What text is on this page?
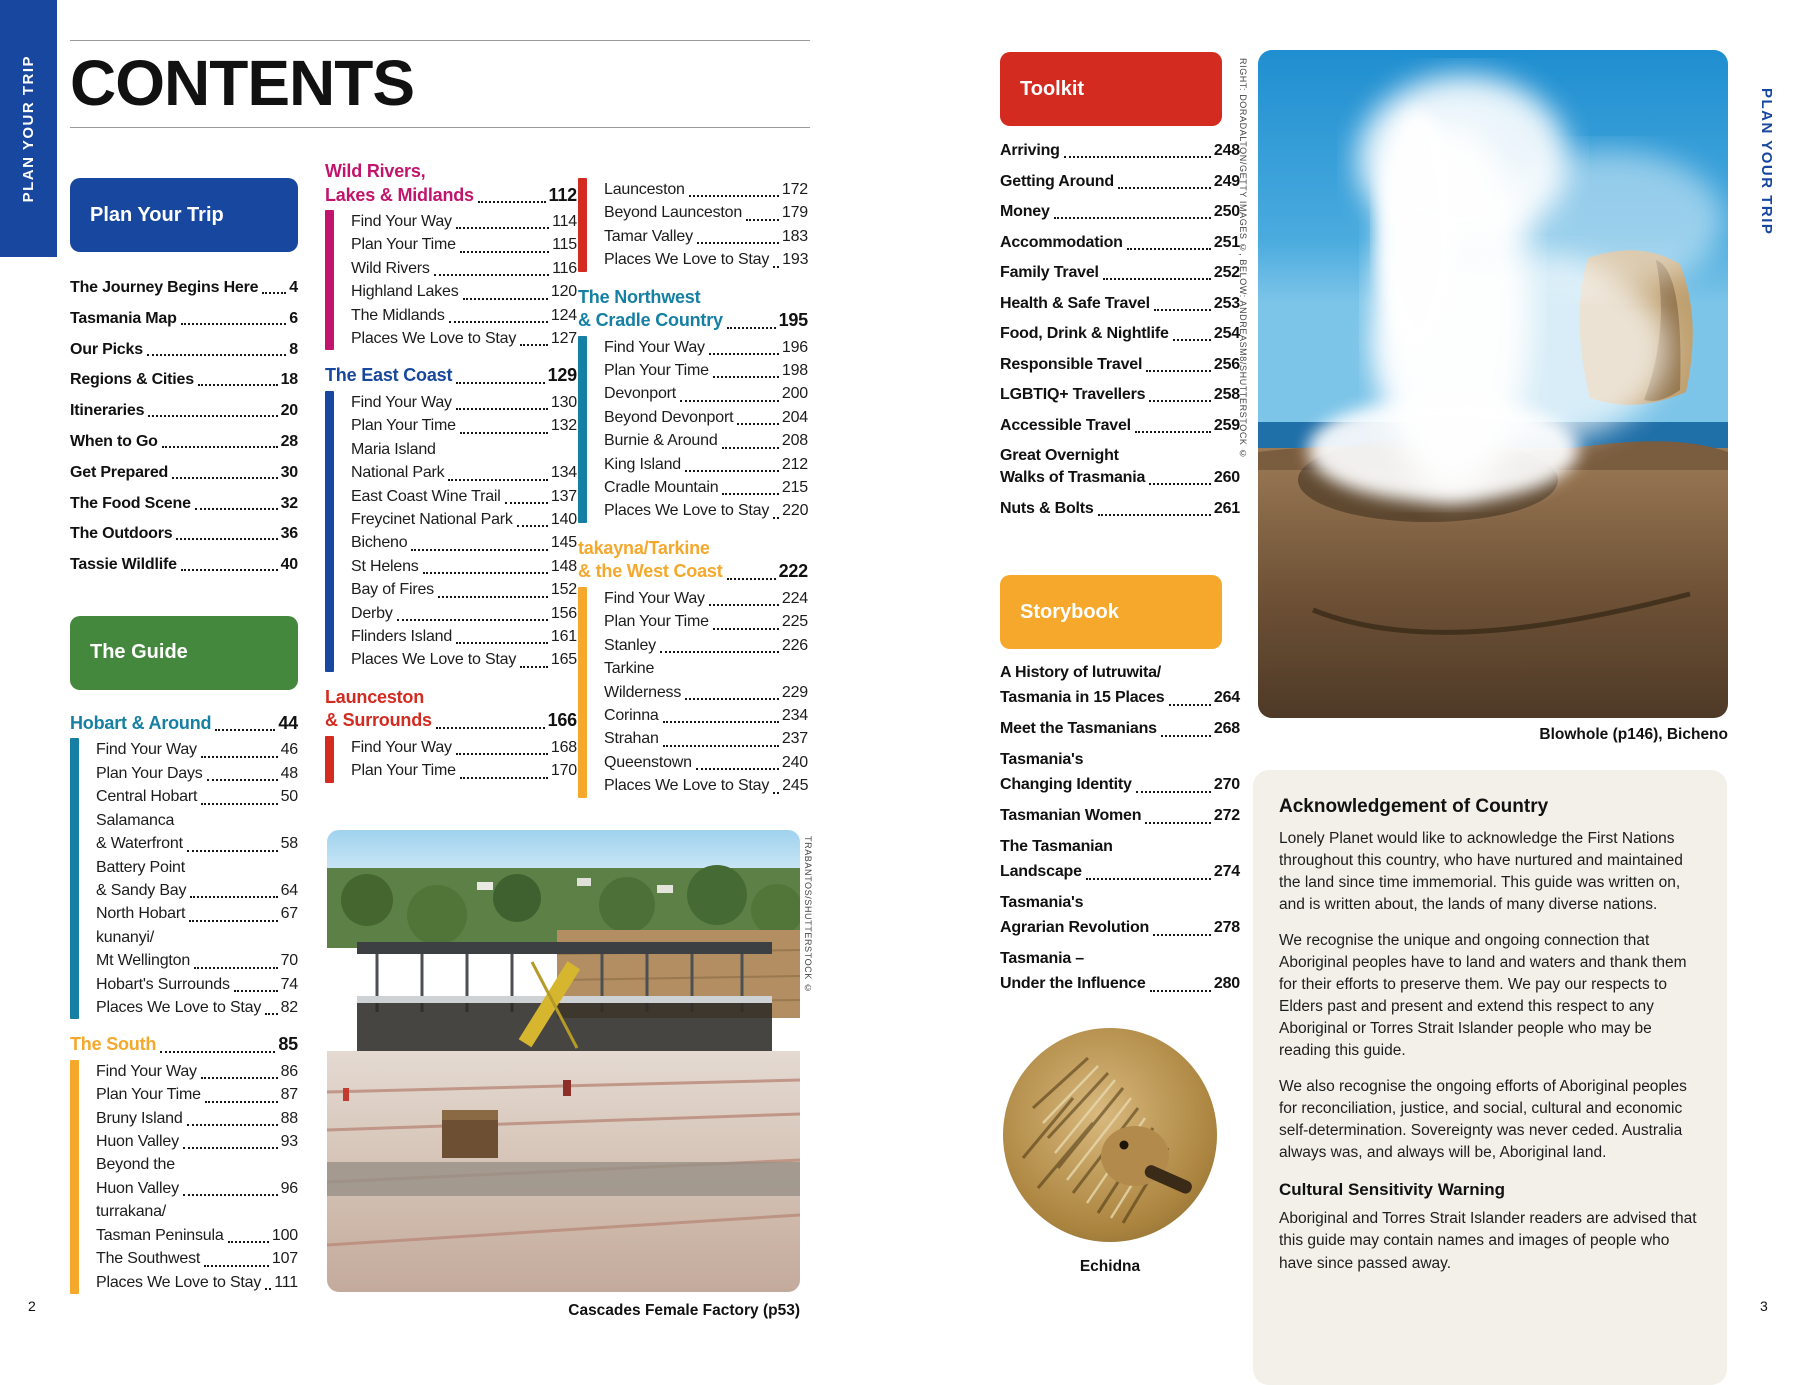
PLAN YOUR TRIP CONTENTS
Plan Your Trip
The Journey Begins Here 4
Tasmania Map	6
Our Picks	8
Regions & Cities	18
Itineraries	20
When to Go	28
Get Prepared	30
The Food Scene	32
The Outdoors	36
Tassie Wildlife	40
The Guide
Hobart & Around	44
Find Your Way	46
Plan Your Days	48
Central Hobart	50
Salamanca
& Waterfront	58
Battery Point
& Sandy Bay	64
North Hobart	67
kunanyi/
Mt Wellington	70
Hobart's Surrounds	74
Places We Love to Stay 82
The South	85
Find Your Way	86
Plan Your Time	87
Bruny Island	88
Huon Valley	93
Beyond the
Huon Valley	96
turrakana/
Tasman Peninsula	100
The Southwest	107
Places We Love to Stay 111
Wild Rivers,
Lakes & Midlands	112
Find Your Way	114
Plan Your Time	115
Wild Rivers	116
Highland Lakes	120
The Midlands	124
Places We Love to Stay 127
The East Coast	129
Find Your Way	130
Plan Your Time	132
Maria Island
National Park	134
East Coast Wine Trail	137
Freycinet National Park 140
Bicheno	145
St Helens	148
Bay of Fires	152
Derby	156
Flinders Island	161
Places We Love to Stay 165
Launceston
& Surrounds	166
Find Your Way	168
Plan Your Time	170
Launceston	172
Beyond Launceston 179
Tamar Valley	183
Places We Love to Stay 193
The Northwest
& Cradle Country	195
Find Your Way	196
Plan Your Time	198
Devonport	200
Beyond Devonport	204
Burnie & Around	208
King Island	212
Cradle Mountain	215
Places We Love to Stay 220
takayna/Tarkine
& the West Coast	222
Find Your Way	224
Plan Your Time	225
Stanley	226
Tarkine
Wilderness	229
Corinna	234
Strahan	237
Queenstown	240
Places We Love to Stay 245
Cascades Female Factory (p53)
TRABANTOS/SHUTTERSTOCK ©
Toolkit
Arriving	248
Getting Around	249
Money	250
Accommodation	251
Family Travel	252
Health & Safe Travel	253
Food, Drink & Nightlife	254
Responsible Travel	256
LGBTIQ+ Travellers	258
Accessible Travel	259
Great Overnight
Walks of Trasmania	260
Nuts & Bolts	261
RIGHT: DORADALTON/GETTY IMAGES ©, BELOW: ANDREASM8/SHUTTERSTOCK ©
Blowhole (p146), Bicheno
Storybook
A History of lutruwita/
Tasmania in 15 Places	264
Meet the Tasmanians	268
Tasmania's
Changing Identity	270
Tasmanian Women	272
The Tasmanian
Landscape	274
Tasmania's
Agrarian Revolution	278
Tasmania –
Under the Influence	280
Echidna
Acknowledgement of Country

Lonely Planet would like to acknowledge the First Nations throughout this country, who have nurtured and maintained the land since time immemorial. This guide was written on, and is written about, the lands of many diverse nations.

We recognise the unique and ongoing connection that Aboriginal peoples have to land and waters and thank them for their efforts to preserve them. We pay our respects to Elders past and present and extend this respect to any Aboriginal or Torres Strait Islander people who may be reading this guide.

We also recognise the ongoing efforts of Aboriginal peoples for reconciliation, justice, and social, cultural and economic self-determination. Sovereignty was never ceded. Australia always was, and always will be, Aboriginal land.

Cultural Sensitivity Warning

Aboriginal and Torres Strait Islander readers are advised that this guide may contain names and images of people who have since passed away.

PLAN YOUR TRIP
2	3
